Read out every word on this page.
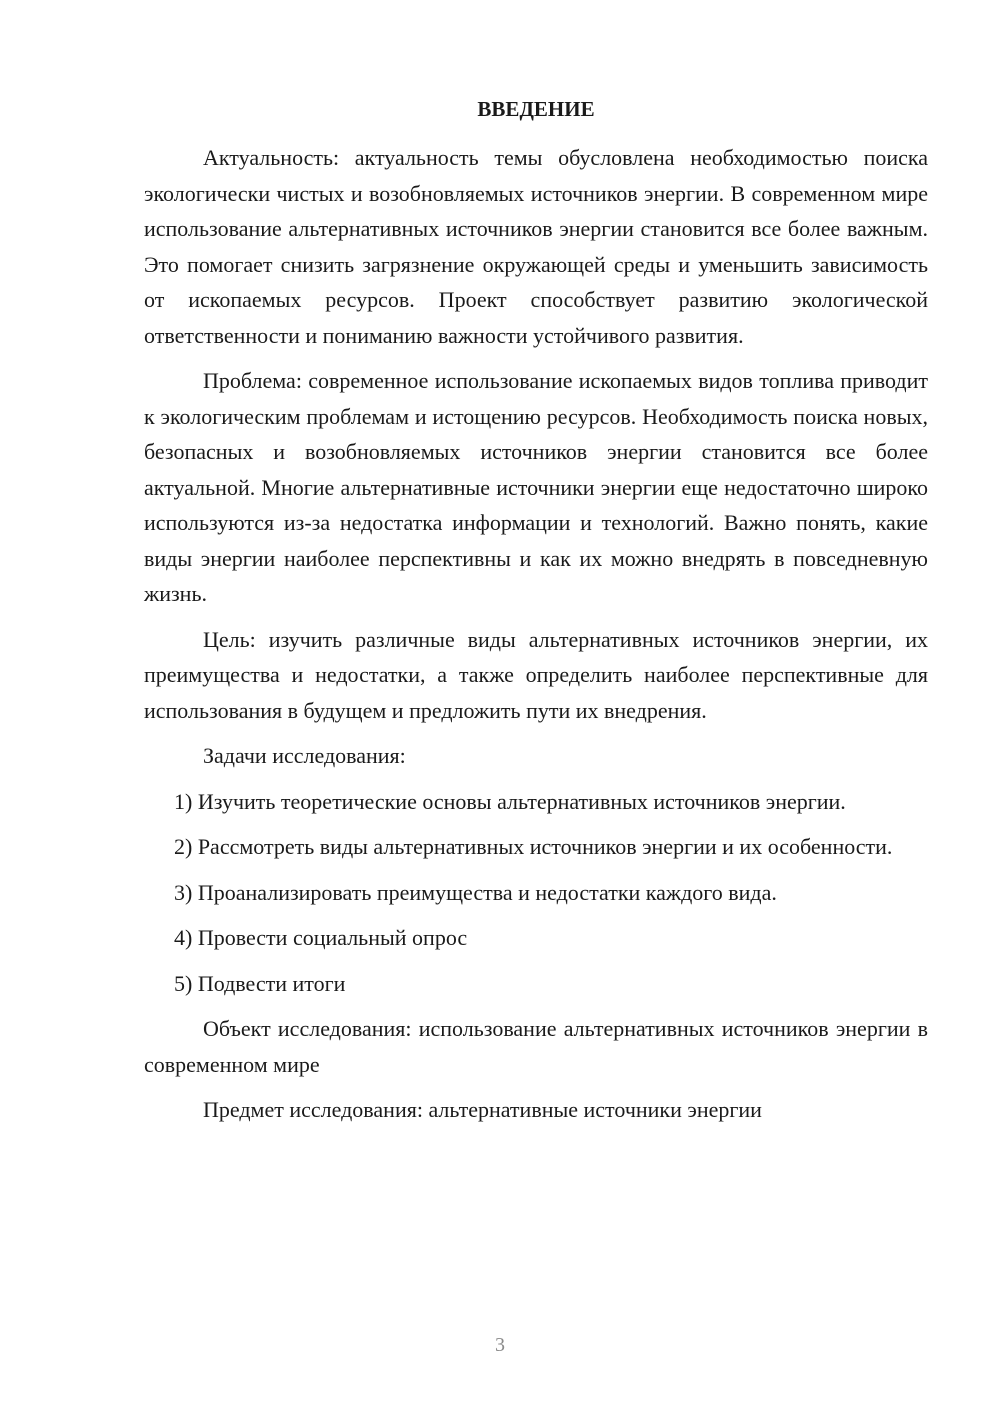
ВВЕДЕНИЕ

Актуальность: актуальность темы обусловлена необходимостью поиска экологически чистых и возобновляемых источников энергии. В современном мире использование альтернативных источников энергии становится все более важным. Это помогает снизить загрязнение окружающей среды и уменьшить зависимость от ископаемых ресурсов. Проект способствует развитию экологической ответственности и пониманию важности устойчивого развития.

Проблема: современное использование ископаемых видов топлива приводит к экологическим проблемам и истощению ресурсов. Необходимость поиска новых, безопасных и возобновляемых источников энергии становится все более актуальной. Многие альтернативные источники энергии еще недостаточно широко используются из-за недостатка информации и технологий. Важно понять, какие виды энергии наиболее перспективны и как их можно внедрять в повседневную жизнь.

Цель: изучить различные виды альтернативных источников энергии, их преимущества и недостатки, а также определить наиболее перспективные для использования в будущем и предложить пути их внедрения.

Задачи исследования:

1) Изучить теоретические основы альтернативных источников энергии.

2) Рассмотреть виды альтернативных источников энергии и их особенности.

3) Проанализировать преимущества и недостатки каждого вида.

4) Провести социальный опрос

5) Подвести итоги

Объект исследования: использование альтернативных источников энергии в современном мире

Предмет исследования: альтернативные источники энергии

3
